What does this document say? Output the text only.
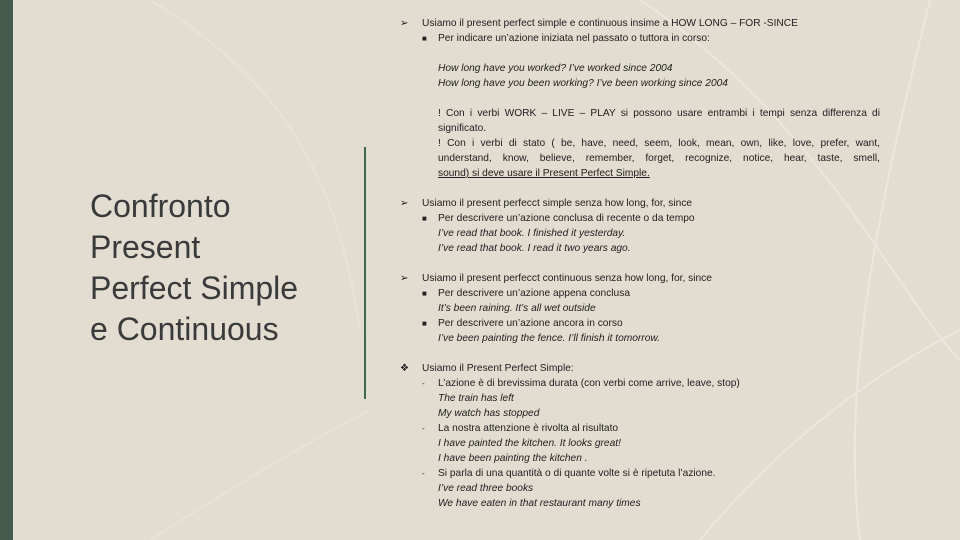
Confronto
Present
Perfect Simple
e Continuous
➢	Usiamo il present perfect simple e continuous insime a HOW LONG – FOR -SINCE
■	Per indicare un’azione iniziata nel passato o tuttora in corso:
How long have you worked? I’ve worked since 2004
How long have you been working? I’ve been working since 2004
! Con i verbi WORK – LIVE – PLAY si possono usare entrambi i tempi senza differenza di
significato.
! Con i verbi di stato ( be, have, need, seem, look, mean, own, like, love, prefer, want,
understand, know, believe, remember, forget, recognize, notice, hear, taste, smell,
sound) si deve usare il Present Perfect Simple.
➢	Usiamo il present perfecct simple senza how long, for, since
■	Per descrivere un’azione conclusa di recente o da tempo
I’ve read that book. I finished it yesterday.
I’ve read that book. I read it two years ago.
➢	Usiamo il present perfecct continuous senza how long, for, since
■	Per descrivere un’azione appena conclusa
It’s been raining. It’s all wet outside
■	Per descrivere un’azione ancora in corso
I’ve been painting the fence. I’ll finish it tomorrow.
❖	Usiamo il Present Perfect Simple:
-	L’azione è di brevissima durata (con verbi come arrive, leave, stop)
The train has left
My watch has stopped
-	La nostra attenzione è rivolta al risultato
I have painted the kitchen. It looks great!
I have been painting the kitchen .
-	Si parla di una quantità o di quante volte si è ripetuta l’azione.
I’ve read three books
We have eaten in that restaurant many times
